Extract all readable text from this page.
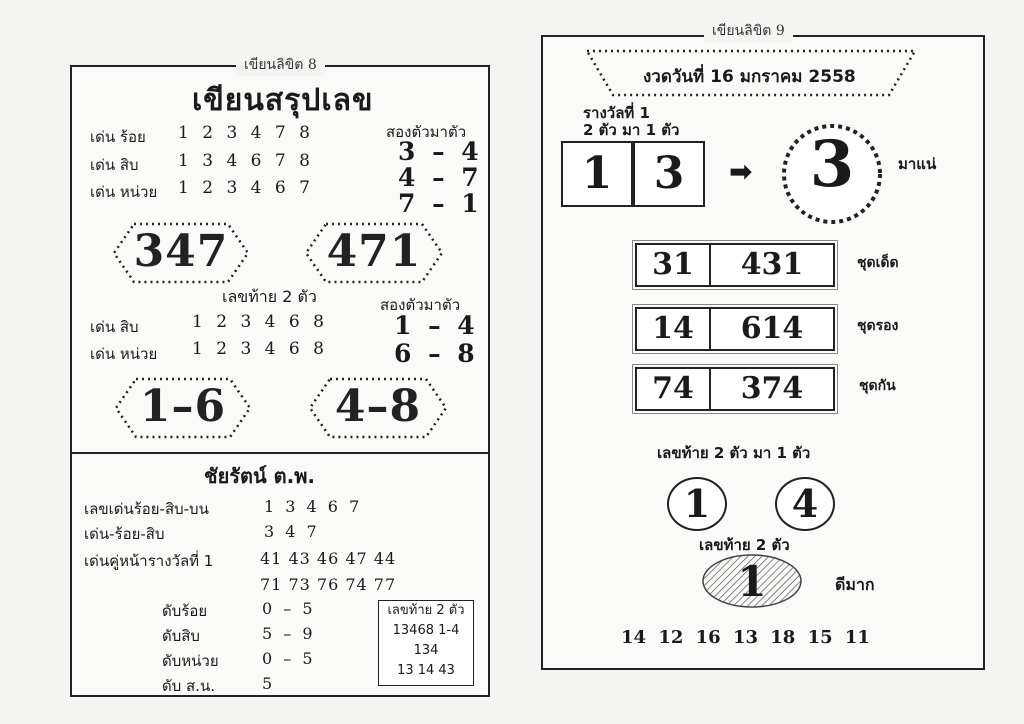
เขียนสรุปเลข
เด่น ร้อย 1 2 3 4 7 8
เด่น สิบ 1 3 4 6 7 8
เด่น หน่วย 1 2 3 4 6 7
สองตัวมาตัว
3 – 4
4 – 7
7 – 1
347	471
เลขท้าย 2 ตัว	สองตัวมาตัว
เด่น สิบ	1 2 3 4 6 8
เด่น หน่วย 1 2 3 4 6 8
1 – 4
6 – 8
1–6	4–8
ชัยรัตน์ ต.พ.
เลขเด่นร้อย-สิบ-บน	1 3 4 6 7
เด่น-ร้อย-สิบ	3 4 7
เด่นคู่หน้ารางวัลที่ 1	41 43 46 47 44
71 73 76 74 77
ดับร้อย	0 – 5
ดับสิบ	5 – 9
ดับหน่วย	0 – 5
ดับ ส.น.	5
เลขท้าย 2 ตัว
13468 1-4
134
13 14 43
เขียนลิขิต 8
งวดวันที่ 16 มกราคม 2558
รางวัลที่ 1
2 ตัว มา 1 ตัว
1 3	➡ 3	มาแน่
31	431	ชุดเด็ด
14	614	ชุดรอง
74	374	ชุดกัน
เลขท้าย 2 ตัว มา 1 ตัว
1	4
เลขท้าย 2 ตัว
1	ดีมาก
14 12 16 13 18 15 11
เขียนลิขิต 9
